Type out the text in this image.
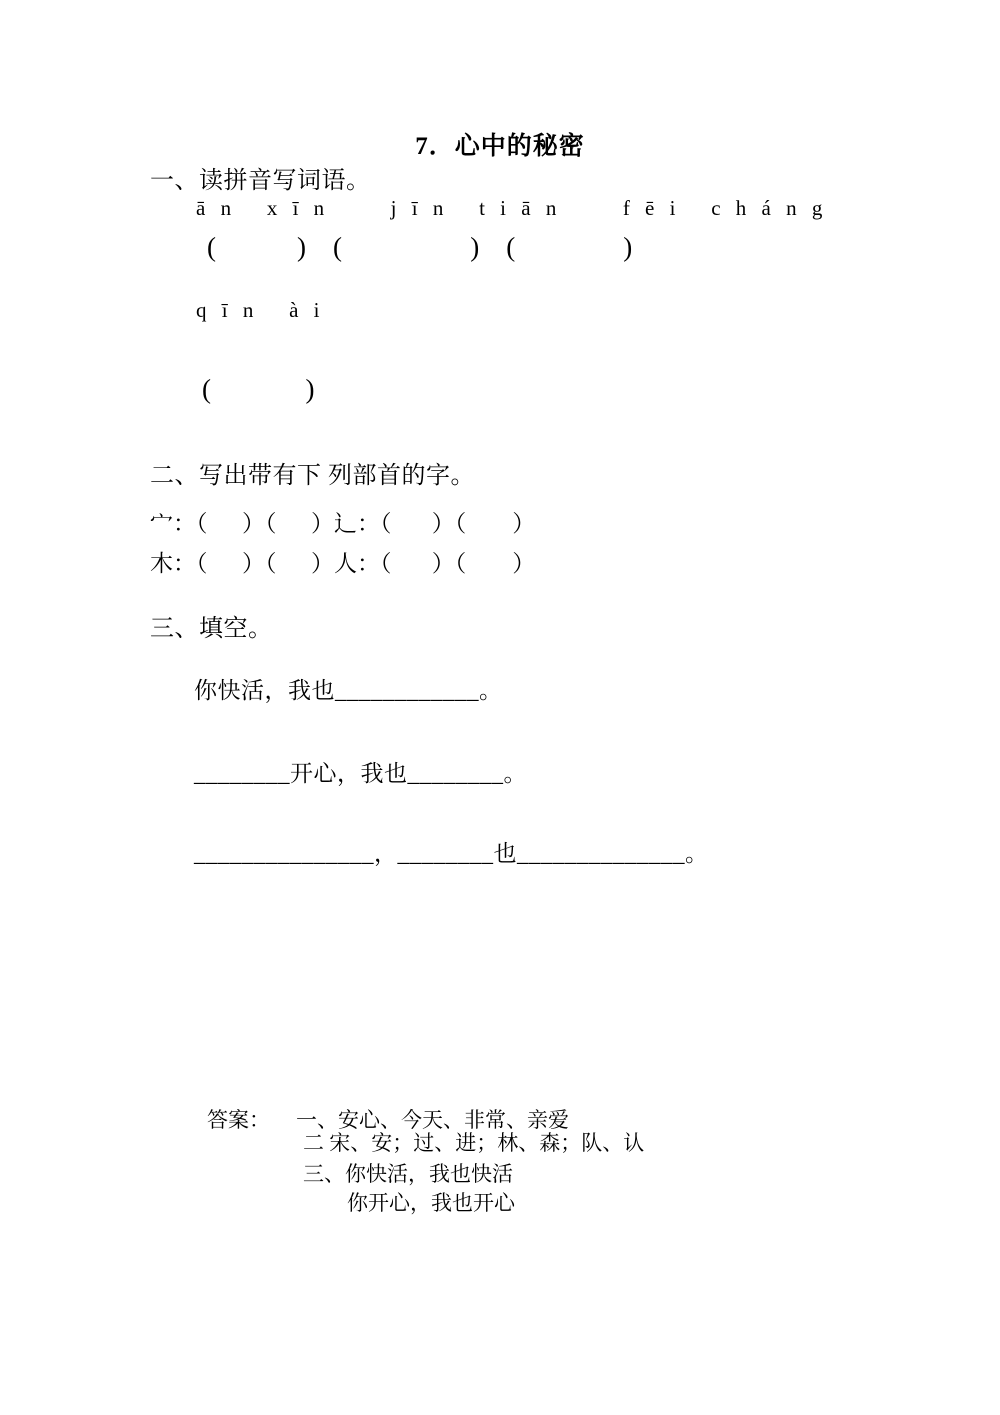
7．心中的秘密
一、读拼音写词语。
ā n   x ī n      j ī n   t i ā n      f ē i   c h á n g
(            )    (                   )    (                )
q ī n   à i
(              )
二、写出带有下 列部首的字。
宀：（      ）（      ）辶：（       ）（        ）
木：（      ）（      ）人：（       ）（        ）
三、填空。
你快活，我也____________。
________开心，我也________。
_______________，________也______________。
答案： 一、安心、今天、非常、亲爱
二 宋、安；过、进；林、森；队、认
三、你快活，我也快活
你开心，我也开心
